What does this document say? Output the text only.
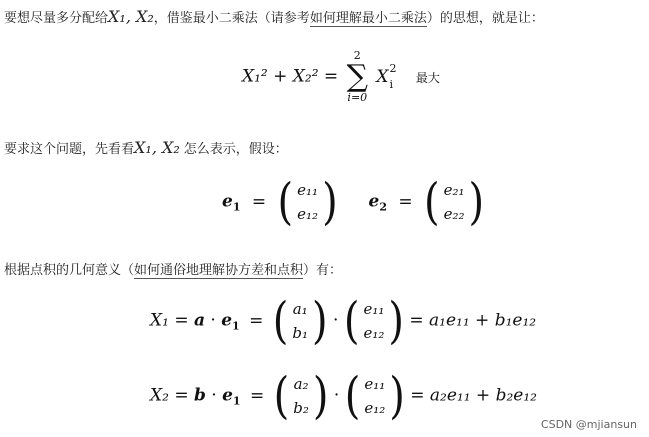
要想尽量多分配给X₁, X₂，借鉴最小二乘法（请参考如何理解最小二乘法）的思想，就是让：
X₁² + X₂² =
2
∑
i=0
X 2
i 最大
要求这个问题，先看看X₁, X₂ 怎么表示，假设：
$e_1$ = ( e₁₁
e₁₂ ) $e_2$ = ( e₂₁
e₂₂ )
根据点积的几何意义（如何通俗地理解协方差和点积）有：
$X_1 = a \cdot e_1$ = ( a₁
b₁ ) · ( e₁₁
e₁₂ ) = a₁e₁₁ + b₁e₁₂
$X_2 = b \cdot e_1$ = ( a₂
b₂ ) · ( e₁₁
e₁₂ ) = a₂e₁₁ + b₂e₁₂
CSDN @mjiansun
